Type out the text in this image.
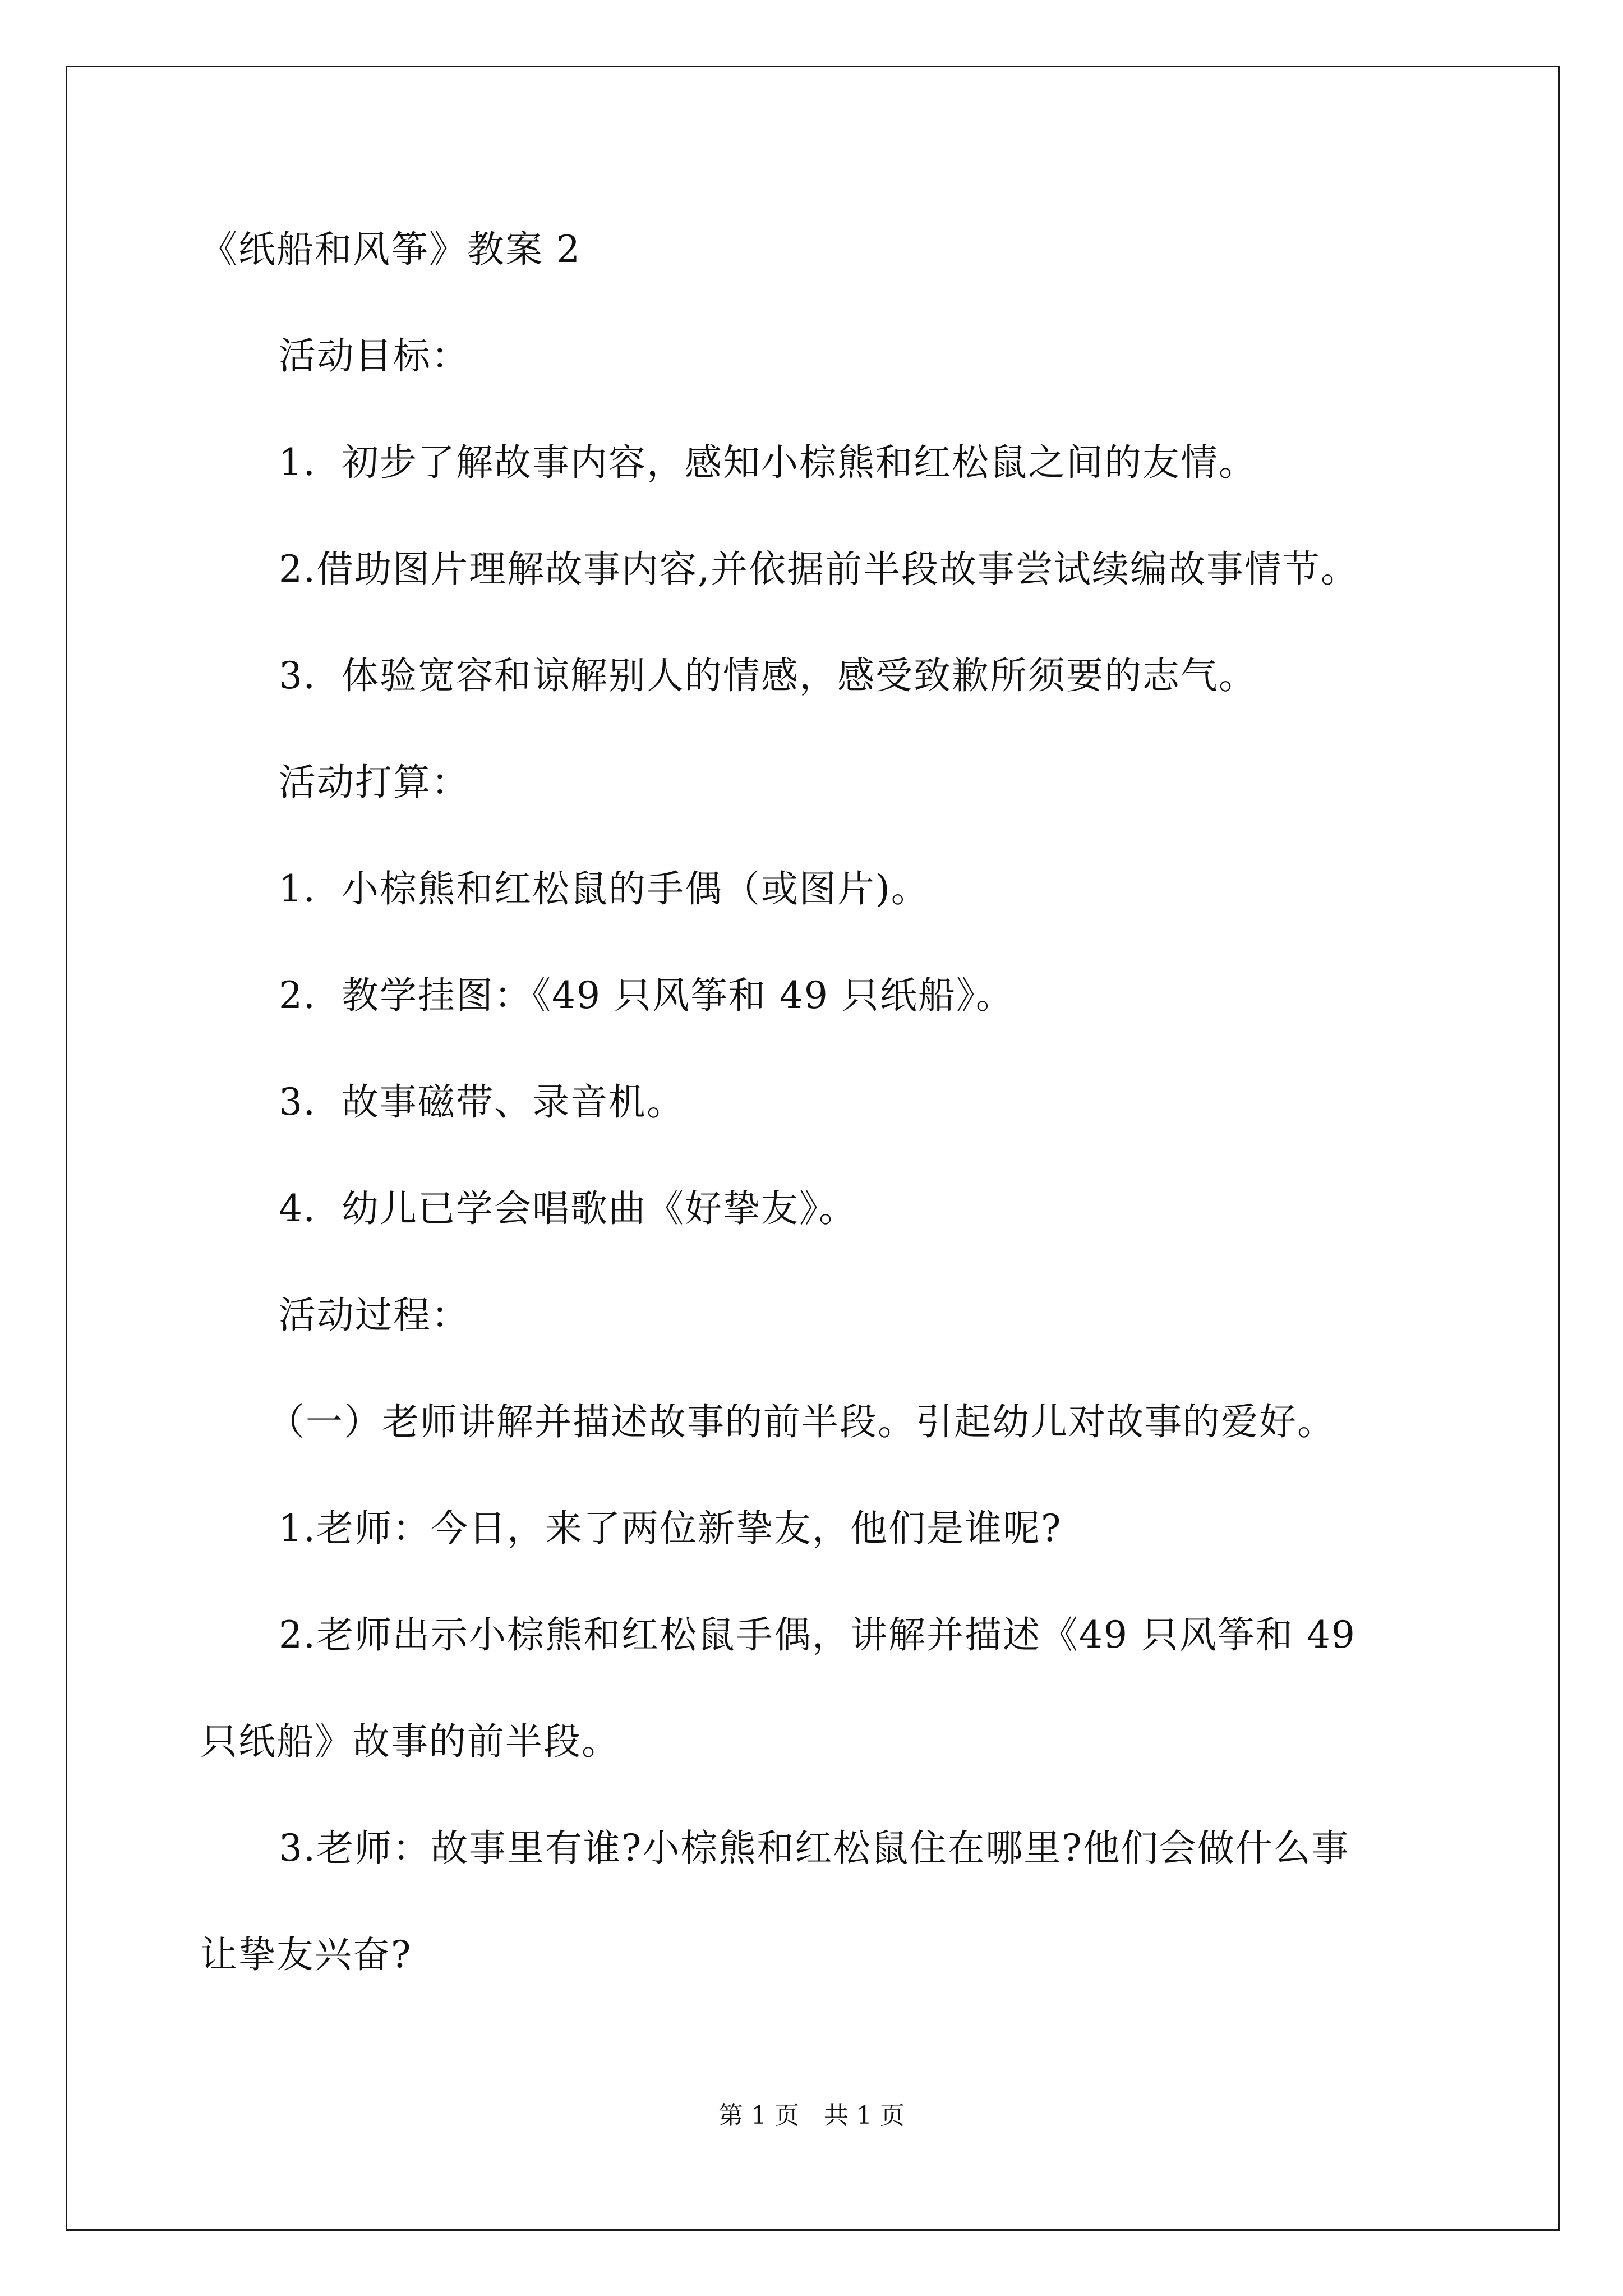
《纸船和风筝》教案 2
活动目标：
1．初步了解故事内容，感知小棕熊和红松鼠之间的友情。
2.借助图片理解故事内容,并依据前半段故事尝试续编故事情节。
3．体验宽容和谅解别人的情感，感受致歉所须要的志气。
活动打算：
1．小棕熊和红松鼠的手偶（或图片)。
2．教学挂图：《49 只风筝和 49 只纸船》。
3．故事磁带、录音机。
4．幼儿已学会唱歌曲《好挚友》。
活动过程：
（一）老师讲解并描述故事的前半段。引起幼儿对故事的爱好。
1.老师：今日，来了两位新挚友，他们是谁呢?
2.老师出示小棕熊和红松鼠手偶，讲解并描述《49 只风筝和 49
只纸船》故事的前半段。
3.老师：故事里有谁?小棕熊和红松鼠住在哪里?他们会做什么事
让挚友兴奋?
第 1 页　共 1 页
